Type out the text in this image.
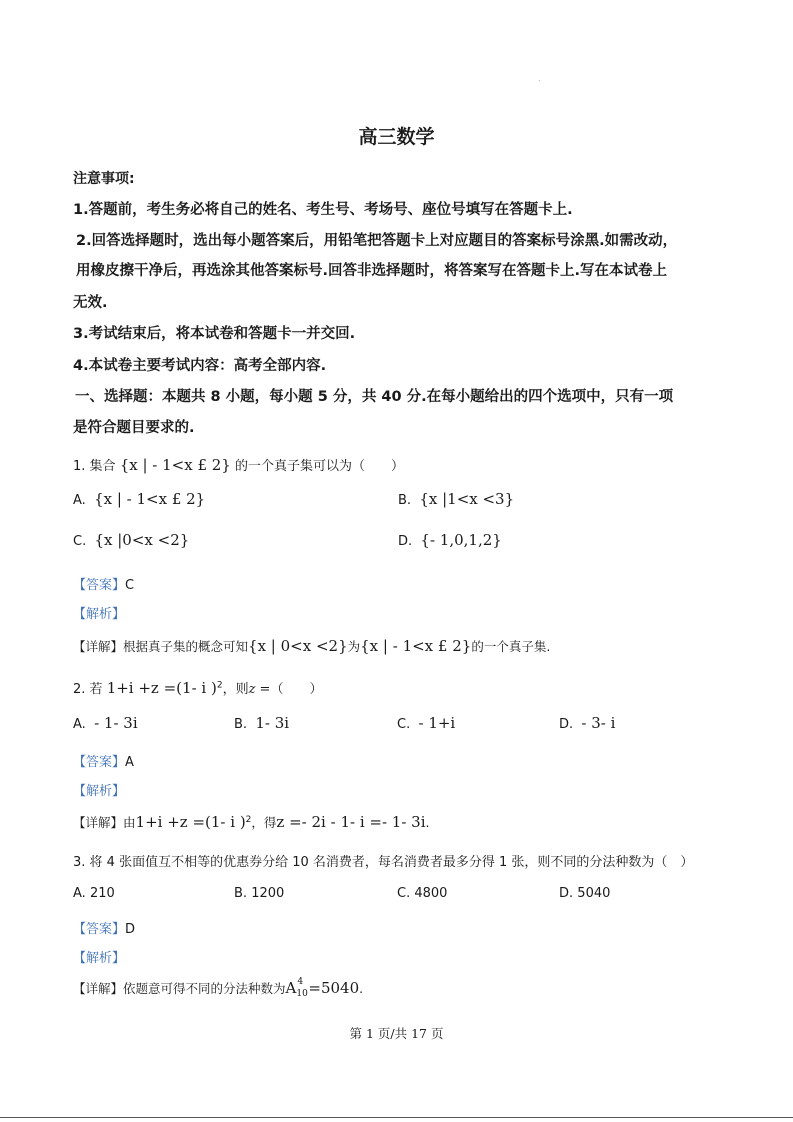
高三数学
注意事项:
1.答题前，考生务必将自己的姓名、考生号、考场号、座位号填写在答题卡上.
2.回答选择题时，选出每小题答案后，用铅笔把答题卡上对应题目的答案标号涂黑.如需改动，
用橡皮擦干净后，再选涂其他答案标号.回答非选择题时，将答案写在答题卡上.写在本试卷上
无效.
3.考试结束后，将本试卷和答题卡一并交回.
4.本试卷主要考试内容：高考全部内容.
一、选择题：本题共 8 小题，每小题 5 分，共 40 分.在每小题给出的四个选项中，只有一项
是符合题目要求的.
1. 集合 {x | - 1<x £ 2} 的一个真子集可以为（　　）
A. {x | - 1<x £ 2}	B. {x |1<x <3}
C. {x |0<x <2}	D. {- 1,0,1,2}
【答案】C
【解析】
【详解】根据真子集的概念可知{x | 0<x <2}为{x | - 1<x £ 2}的一个真子集.
2. 若 1+i +z =(1- i )$^2$，则z =（　　）
A. - 1- 3i	B. 1- 3i	C. - 1+i	D. - 3- i
【答案】A
【解析】
【详解】由1+i +z =(1- i )$^2$，得z =- 2i - 1- i =- 1- 3i.
3. 将 4 张面值互不相等的优惠券分给 10 名消费者，每名消费者最多分得 1 张，则不同的分法种数为（　）
A. 210	B. 1200	C. 4800	D. 5040
【答案】D
【解析】
【详解】依题意可得不同的分法种数为A 4
10 =5040.
第 1 页/共 17 页
